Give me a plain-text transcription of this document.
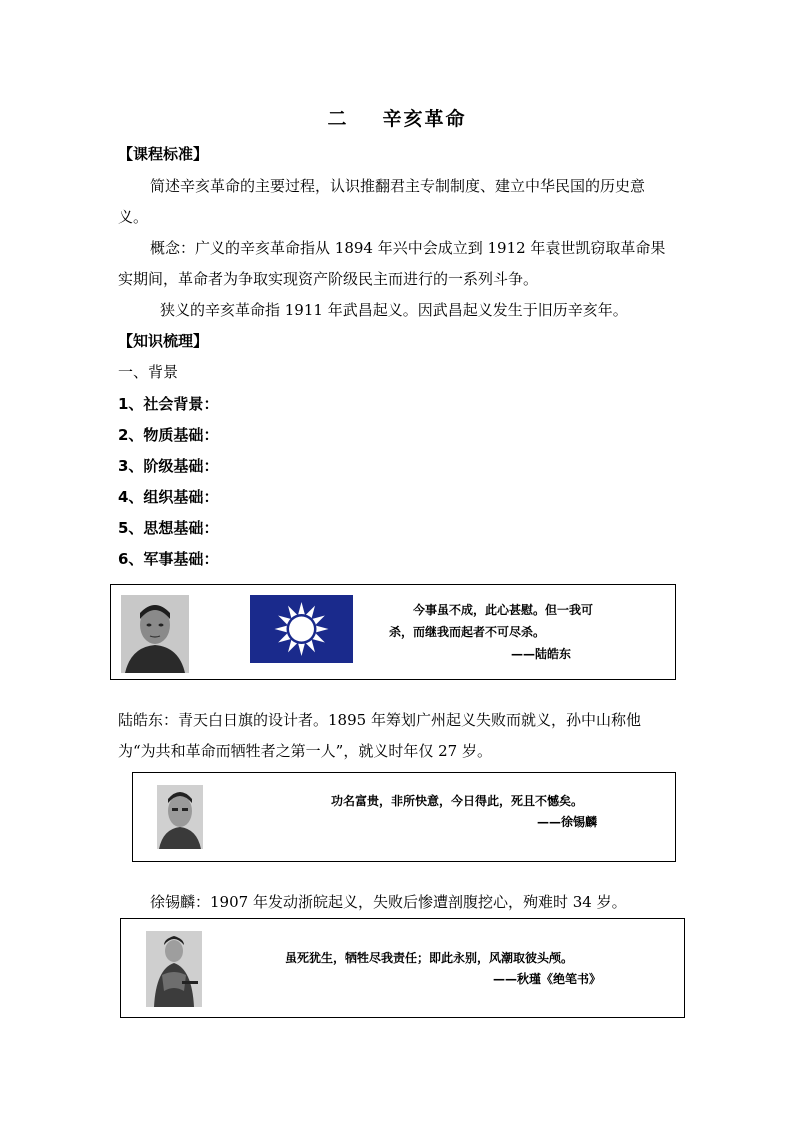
二 辛亥革命
【课程标准】
简述辛亥革命的主要过程，认识推翻君主专制制度、建立中华民国的历史意
义。
概念：广义的辛亥革命指从 1894 年兴中会成立到 1912 年袁世凯窃取革命果
实期间，革命者为争取实现资产阶级民主而进行的一系列斗争。
狭义的辛亥革命指 1911 年武昌起义。因武昌起义发生于旧历辛亥年。
【知识梳理】
一、背景
1、社会背景：
2、物质基础：
3、阶级基础：
4、组织基础：
5、思想基础：
6、军事基础：
今事虽不成，此心甚慰。但一我可
杀，而继我而起者不可尽杀。
——陆皓东
陆皓东：青天白日旗的设计者。1895 年筹划广州起义失败而就义，孙中山称他
为“为共和革命而牺牲者之第一人”，就义时年仅 27 岁。
功名富贵，非所快意，今日得此，死且不憾矣。
——徐锡麟
徐锡麟：1907 年发动浙皖起义，失败后惨遭剖腹挖心，殉难时 34 岁。
虽死犹生，牺牲尽我责任；即此永别，风潮取彼头颅。
——秋瑾《绝笔书》
